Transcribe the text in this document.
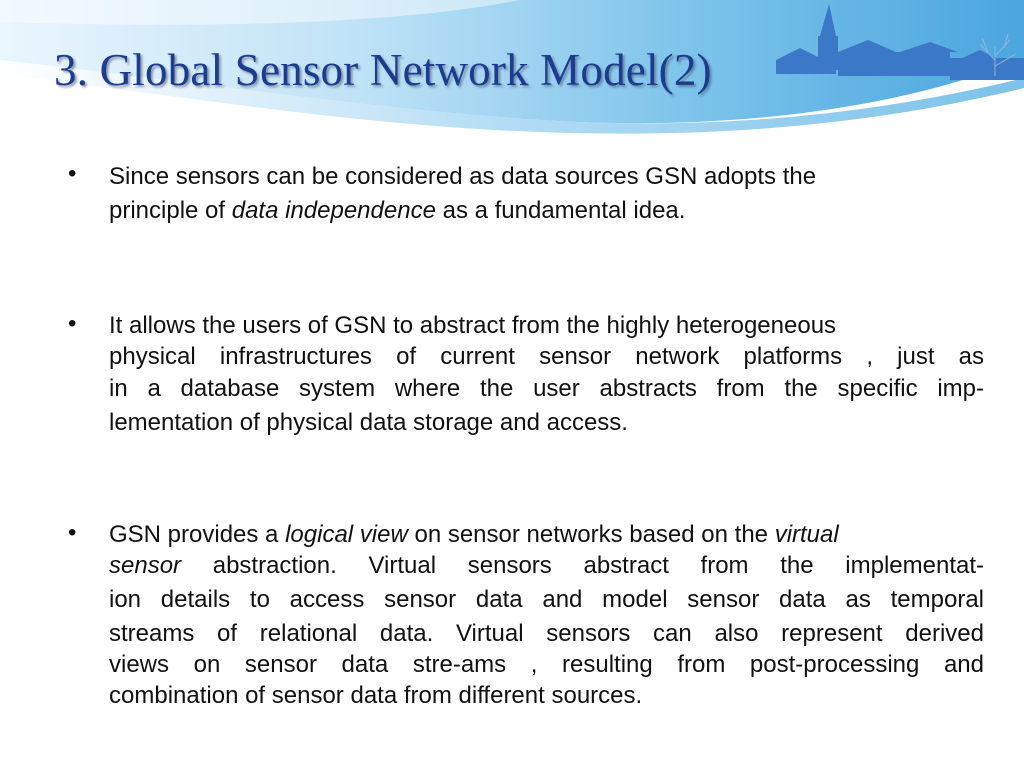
3. Global Sensor Network Model(2)
• Since sensors can be considered as data sources GSN adopts the
principle of data independence as a fundamental idea.
• It allows the users of GSN to abstract from the highly heterogeneous
physical infrastructures of current sensor network platforms , just as
in a database system where the user abstracts from the specific imp-
lementation of physical data storage and access.
• GSN provides a logical view on sensor networks based on the virtual
sensor abstraction. Virtual sensors abstract from the implementat-
ion details to access sensor data and model sensor data as temporal
streams of relational data. Virtual sensors can also represent derived
views on sensor data stre-ams , resulting from post-processing and
combination of sensor data from different sources.
